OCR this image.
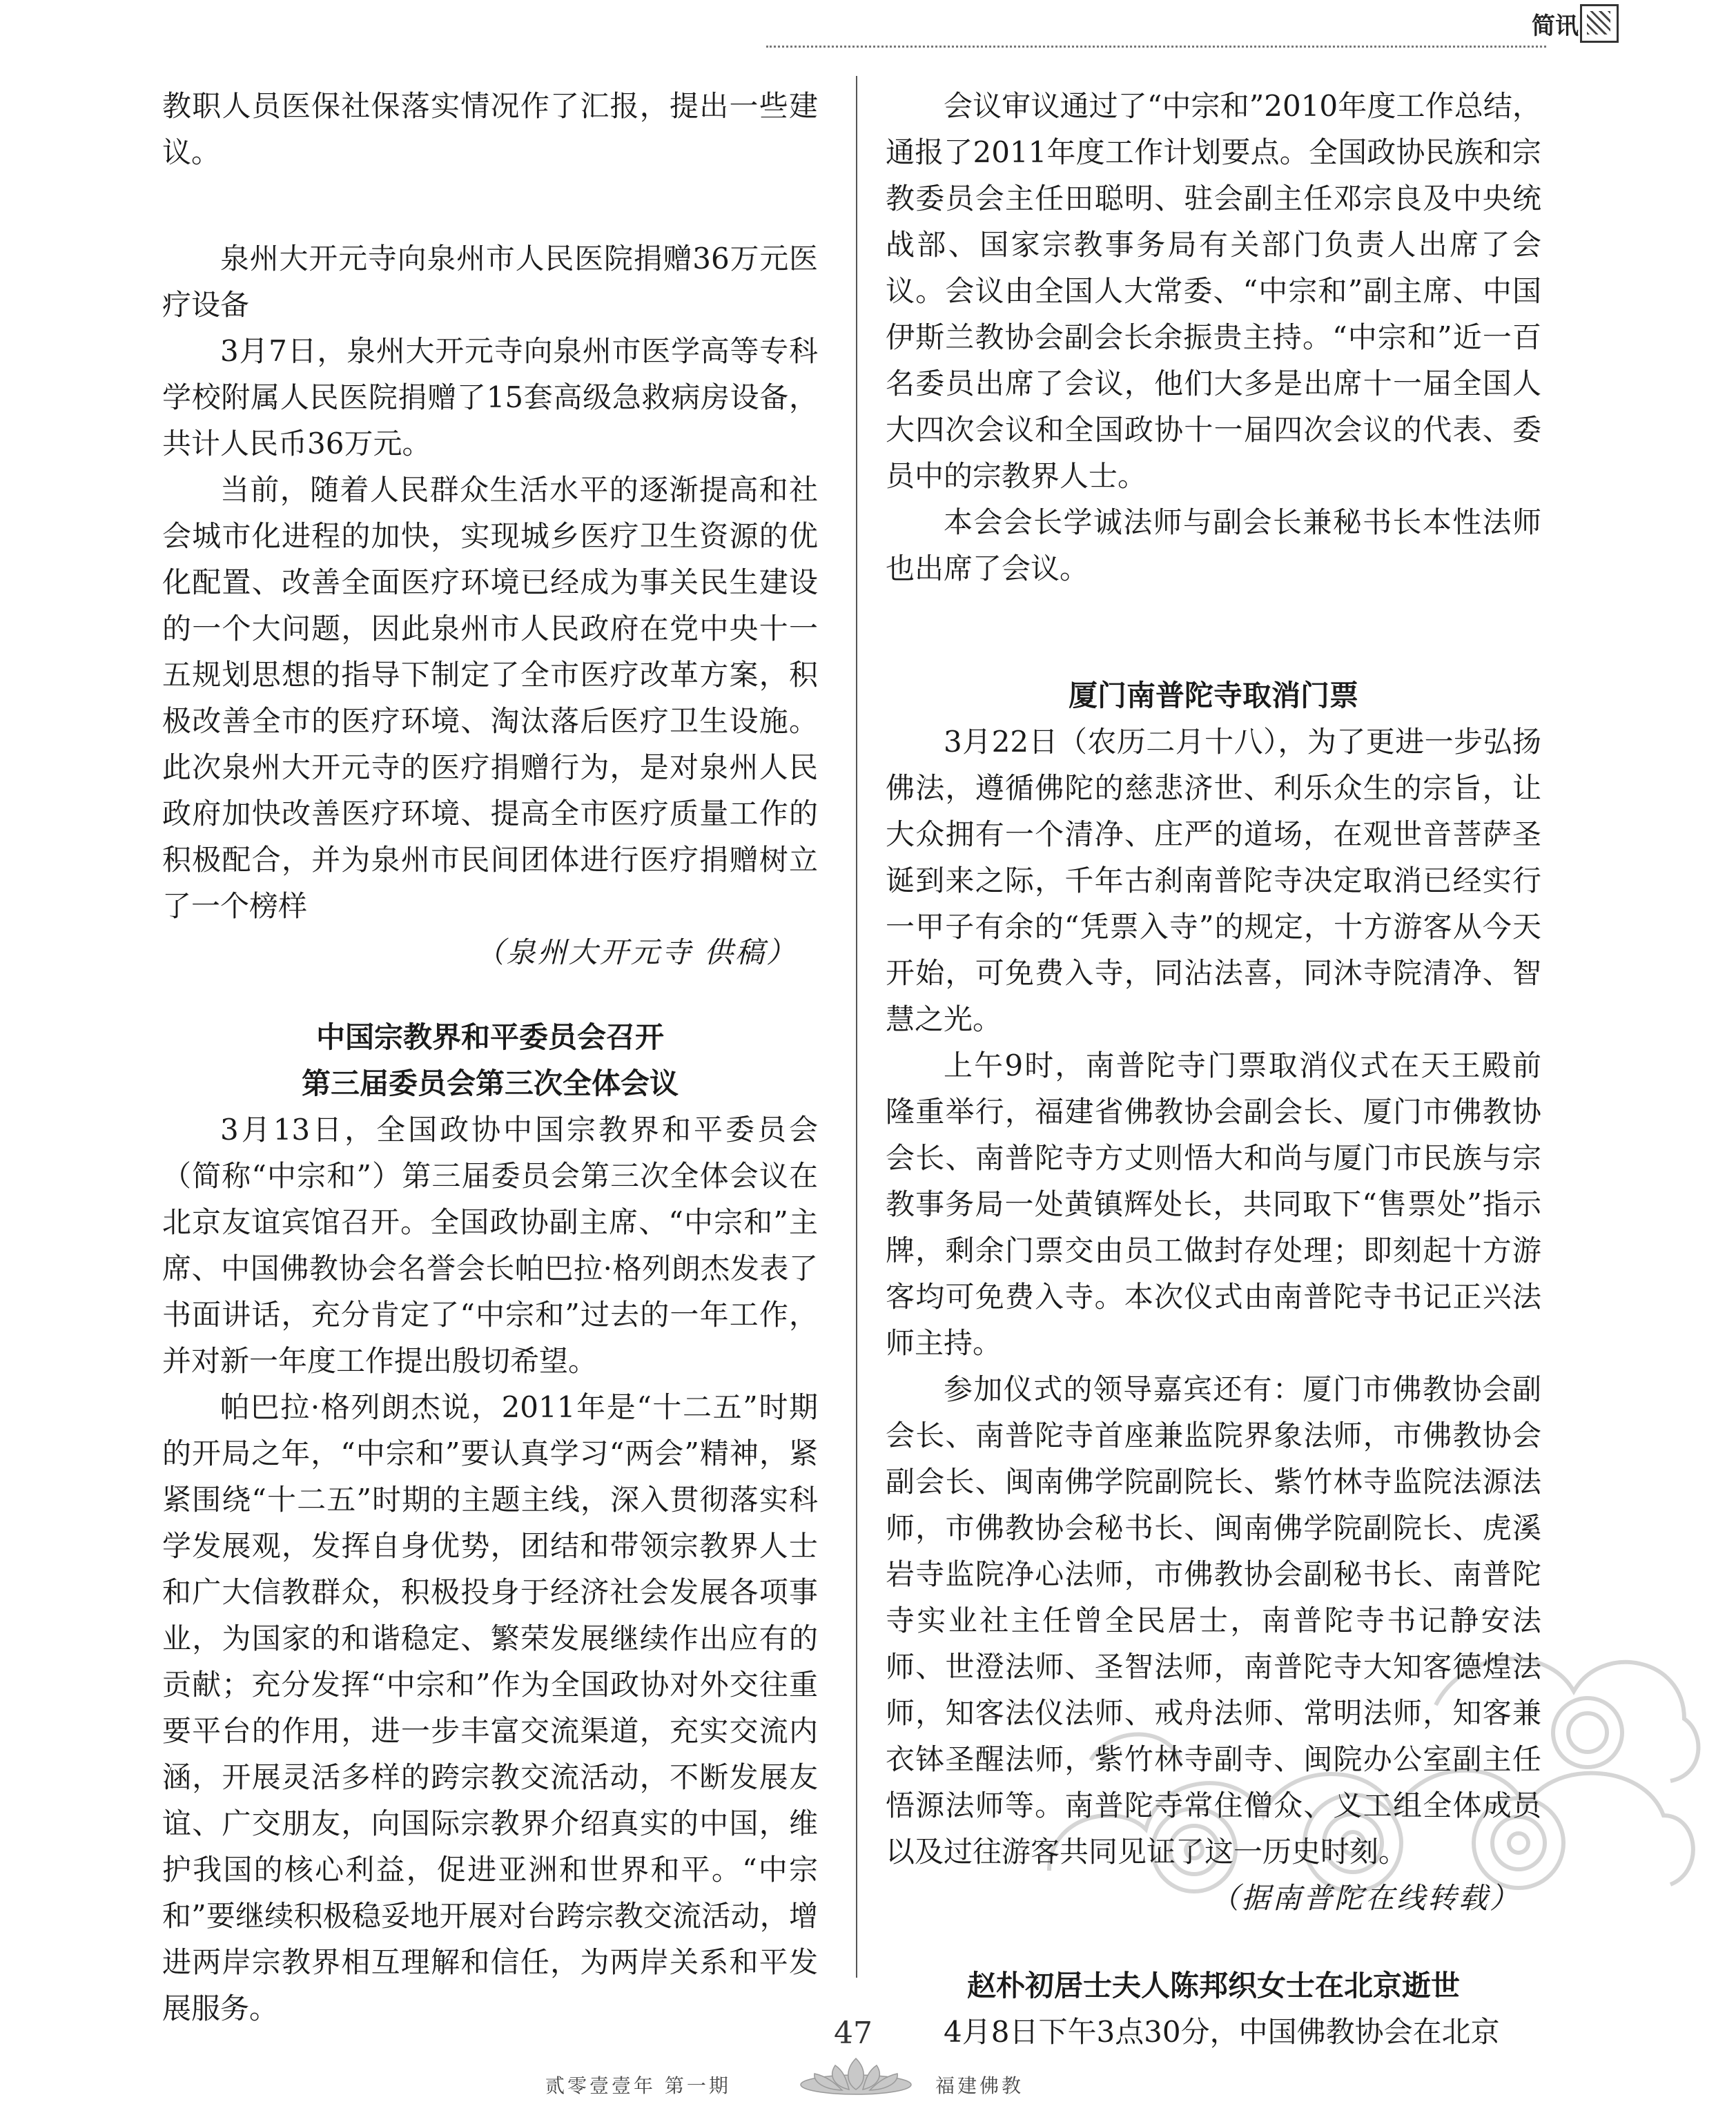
简讯

教职人员医保社保落实情况作了汇报，提出一些建议。

泉州大开元寺向泉州市人民医院捐赠36万元医疗设备

3月7日，泉州大开元寺向泉州市医学高等专科学校附属人民医院捐赠了15套高级急救病房设备，共计人民币36万元。

当前，随着人民群众生活水平的逐渐提高和社会城市化进程的加快，实现城乡医疗卫生资源的优化配置、改善全面医疗环境已经成为事关民生建设的一个大问题，因此泉州市人民政府在党中央十一五规划思想的指导下制定了全市医疗改革方案，积极改善全市的医疗环境、淘汰落后医疗卫生设施。此次泉州大开元寺的医疗捐赠行为，是对泉州人民政府加快改善医疗环境、提高全市医疗质量工作的积极配合，并为泉州市民间团体进行医疗捐赠树立了一个榜样

（泉州大开元寺 供稿）
中国宗教界和平委员会召开
第三届委员会第三次全体会议

3月13日，全国政协中国宗教界和平委员会（简称“中宗和”）第三届委员会第三次全体会议在北京友谊宾馆召开。全国政协副主席、“中宗和”主席、中国佛教协会名誉会长帕巴拉·格列朗杰发表了书面讲话，充分肯定了“中宗和”过去的一年工作，并对新一年度工作提出殷切希望。

帕巴拉·格列朗杰说，2011年是“十二五”时期的开局之年，“中宗和”要认真学习“两会”精神，紧紧围绕“十二五”时期的主题主线，深入贯彻落实科学发展观，发挥自身优势，团结和带领宗教界人士和广大信教群众，积极投身于经济社会发展各项事业，为国家的和谐稳定、繁荣发展继续作出应有的贡献；充分发挥“中宗和”作为全国政协对外交往重要平台的作用，进一步丰富交流渠道，充实交流内涵，开展灵活多样的跨宗教交流活动，不断发展友谊、广交朋友，向国际宗教界介绍真实的中国，维护我国的核心利益，促进亚洲和世界和平。“中宗和”要继续积极稳妥地开展对台跨宗教交流活动，增进两岸宗教界相互理解和信任，为两岸关系和平发展服务。

会议审议通过了“中宗和”2010年度工作总结，通报了2011年度工作计划要点。全国政协民族和宗教委员会主任田聪明、驻会副主任邓宗良及中央统战部、国家宗教事务局有关部门负责人出席了会议。会议由全国人大常委、“中宗和”副主席、中国伊斯兰教协会副会长余振贵主持。“中宗和”近一百名委员出席了会议，他们大多是出席十一届全国人大四次会议和全国政协十一届四次会议的代表、委员中的宗教界人士。

本会会长学诚法师与副会长兼秘书长本性法师也出席了会议。

厦门南普陀寺取消门票

3月22日（农历二月十八），为了更进一步弘扬佛法，遵循佛陀的慈悲济世、利乐众生的宗旨，让大众拥有一个清净、庄严的道场，在观世音菩萨圣诞到来之际，千年古刹南普陀寺决定取消已经实行一甲子有余的“凭票入寺”的规定，十方游客从今天开始，可免费入寺，同沾法喜，同沐寺院清净、智慧之光。

上午9时，南普陀寺门票取消仪式在天王殿前隆重举行，福建省佛教协会副会长、厦门市佛教协会长、南普陀寺方丈则悟大和尚与厦门市民族与宗教事务局一处黄镇辉处长，共同取下“售票处”指示牌，剩余门票交由员工做封存处理；即刻起十方游客均可免费入寺。本次仪式由南普陀寺书记正兴法师主持。

参加仪式的领导嘉宾还有：厦门市佛教协会副会长、南普陀寺首座兼监院界象法师，市佛教协会副会长、闽南佛学院副院长、紫竹林寺监院法源法师，市佛教协会秘书长、闽南佛学院副院长、虎溪岩寺监院净心法师，市佛教协会副秘书长、南普陀寺实业社主任曾全民居士，南普陀寺书记静安法师、世澄法师、圣智法师，南普陀寺大知客德煌法师，知客法仪法师、戒舟法师、常明法师，知客兼衣钵圣醒法师，紫竹林寺副寺、闽院办公室副主任悟源法师等。南普陀寺常住僧众、义工组全体成员以及过往游客共同见证了这一历史时刻。

（据南普陀在线转载）
赵朴初居士夫人陈邦织女士在北京逝世

4月8日下午3点30分，中国佛教协会在北京

贰零壹壹年 第一期
47
福建佛教
